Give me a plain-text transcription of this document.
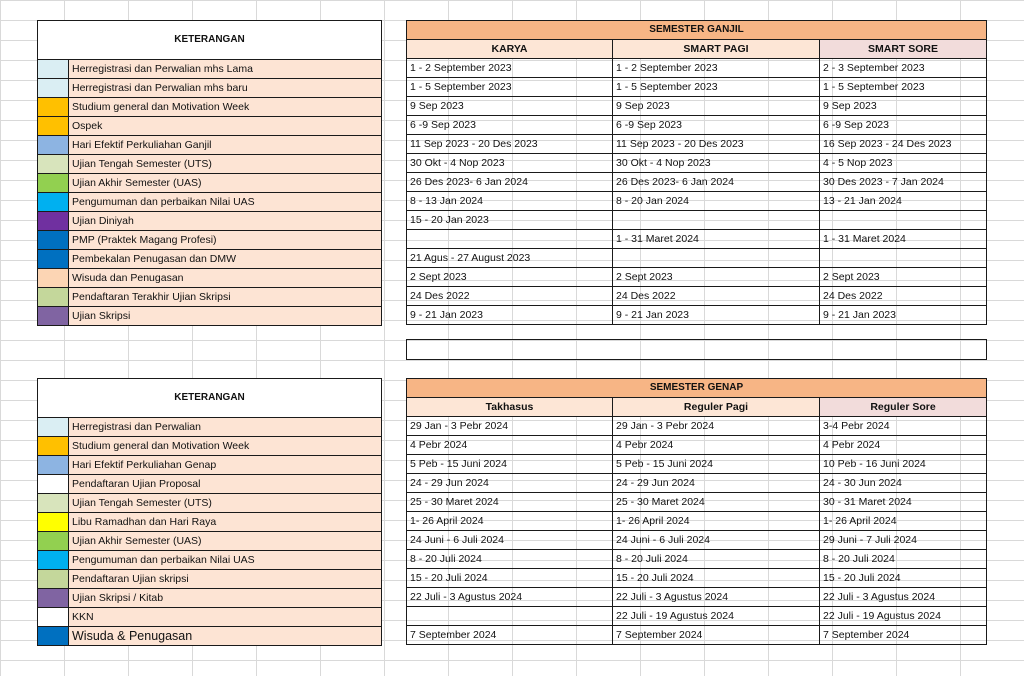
KETERANGAN	
	Herregistrasi dan Perwalian mhs Lama
	Herregistrasi dan Perwalian mhs baru
	Studium general dan Motivation Week
	Ospek
	Hari Efektif Perkuliahan Ganjil
	Ujian Tengah Semester (UTS)
	Ujian Akhir Semester (UAS)
	Pengumuman dan perbaikan Nilai UAS
	Ujian Diniyah
	PMP (Praktek Magang Profesi)
	Pembekalan Penugasan dan DMW
	Wisuda dan Penugasan
	Pendaftaran Terakhir Ujian Skripsi
	Ujian Skripsi
SEMESTER GANJIL		
KARYA	SMART PAGI	SMART SORE
1 - 2 September 2023	1 - 2 September 2023	2 - 3 September 2023
1 - 5 September 2023	1 - 5 September 2023	1 - 5 September 2023
9 Sep 2023	9 Sep 2023	9 Sep 2023
6 -9 Sep 2023	6 -9 Sep 2023	6 -9 Sep 2023
11 Sep 2023 - 20 Des 2023	11 Sep 2023 - 20 Des 2023	16 Sep 2023 - 24 Des 2023
30 Okt - 4 Nop 2023	30 Okt - 4 Nop 2023	4 - 5 Nop 2023
26 Des 2023- 6 Jan 2024	26 Des 2023- 6 Jan 2024	30 Des 2023 - 7 Jan 2024
8 - 13 Jan 2024	8 - 20 Jan 2024	13 - 21 Jan 2024
15 - 20 Jan 2023		
	1 - 31 Maret 2024	1 - 31 Maret 2024
21 Agus - 27 August 2023		
2 Sept 2023	2 Sept 2023	2 Sept 2023
24 Des 2022	24 Des 2022	24 Des 2022
9 - 21 Jan 2023	9 - 21 Jan 2023	9 - 21 Jan 2023
KETERANGAN	
	Herregistrasi dan Perwalian
	Studium general dan Motivation Week
	Hari Efektif Perkuliahan Genap
	Pendaftaran Ujian Proposal
	Ujian Tengah Semester (UTS)
	Libu Ramadhan dan Hari Raya
	Ujian Akhir Semester (UAS)
	Pengumuman dan perbaikan Nilai UAS
	Pendaftaran Ujian skripsi
	Ujian Skripsi / Kitab
	KKN
	Wisuda & Penugasan
SEMESTER GENAP		
Takhasus	Reguler Pagi	Reguler Sore
29 Jan - 3 Pebr 2024	29 Jan - 3 Pebr 2024	3-4 Pebr 2024
4 Pebr 2024	4 Pebr 2024	4 Pebr 2024
5 Peb - 15 Juni 2024	5 Peb - 15 Juni 2024	10 Peb - 16 Juni 2024
24 - 29 Jun 2024	24 - 29 Jun 2024	24 - 30 Jun 2024
25 - 30 Maret 2024	25 - 30 Maret 2024	30 - 31 Maret 2024
1- 26 April 2024	1- 26 April 2024	1- 26 April 2024
24 Juni - 6 Juli 2024	24 Juni - 6 Juli 2024	29 Juni - 7 Juli 2024
8 - 20 Juli 2024	8 - 20 Juli 2024	8 - 20 Juli 2024
15 - 20 Juli 2024	15 - 20 Juli 2024	15 - 20 Juli 2024
22 Juli - 3 Agustus 2024	22 Juli - 3 Agustus 2024	22 Juli - 3 Agustus 2024
	22 Juli - 19 Agustus 2024	22 Juli - 19 Agustus 2024
7 September 2024	7 September 2024	7 September 2024
